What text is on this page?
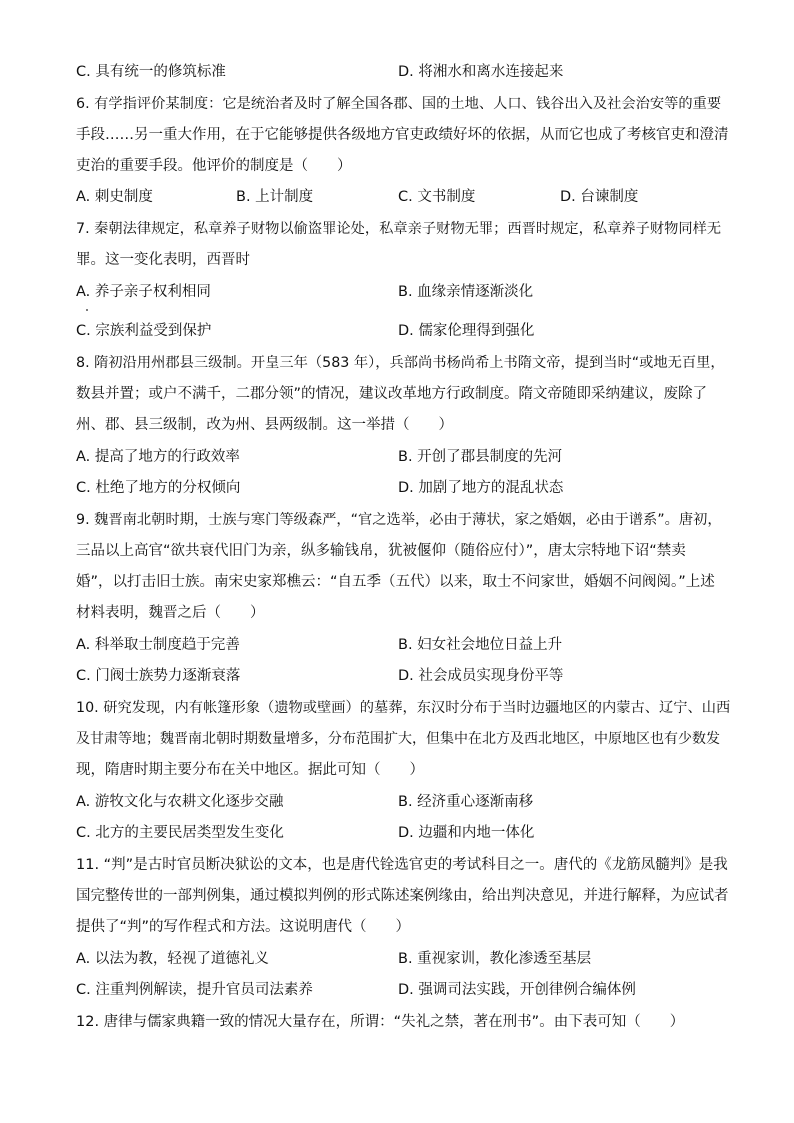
C. 具有统一的修筑标准	D. 将湘水和离水连接起来
6. 有学指评价某制度：它是统治者及时了解全国各郡、国的土地、人口、钱谷出入及社会治安等的重要
手段……另一重大作用，在于它能够提供各级地方官吏政绩好坏的依据，从而它也成了考核官吏和澄清
吏治的重要手段。他评价的制度是（　　）
A. 刺史制度	B. 上计制度	C. 文书制度	D. 台谏制度
7. 秦朝法律规定，私章养子财物以偷盗罪论处，私章亲子财物无罪；西晋时规定，私章养子财物同样无
罪。这一变化表明，西晋时
A. 养子亲子权利相同	B. 血缘亲情逐渐淡化
C. 宗族利益受到保护	D. 儒家伦理得到强化
8. 隋初沿用州郡县三级制。开皇三年（583 年），兵部尚书杨尚希上书隋文帝，提到当时“或地无百里，
数县并置；或户不满千，二郡分领”的情况，建议改革地方行政制度。隋文帝随即采纳建议，废除了
州、郡、县三级制，改为州、县两级制。这一举措（　　）
A. 提高了地方的行政效率	B. 开创了郡县制度的先河
C. 杜绝了地方的分权倾向	D. 加剧了地方的混乱状态
9. 魏晋南北朝时期，士族与寒门等级森严，“官之选举，必由于薄状，家之婚姻，必由于谱系”。唐初，
三品以上高官“欲共衰代旧门为亲，纵多输钱帛，犹被偃仰（随俗应付）”，唐太宗特地下诏“禁卖
婚”，以打击旧士族。南宋史家郑樵云：“自五季（五代）以来，取士不问家世，婚姻不问阀阅。”上述
材料表明，魏晋之后（　　）
A. 科举取士制度趋于完善	B. 妇女社会地位日益上升
C. 门阀士族势力逐渐衰落	D. 社会成员实现身份平等
10. 研究发现，内有帐篷形象（遗物或壁画）的墓葬，东汉时分布于当时边疆地区的内蒙古、辽宁、山西
及甘肃等地；魏晋南北朝时期数量增多，分布范围扩大，但集中在北方及西北地区，中原地区也有少数发
现，隋唐时期主要分布在关中地区。据此可知（　　）
A. 游牧文化与农耕文化逐步交融	B. 经济重心逐渐南移
C. 北方的主要民居类型发生变化	D. 边疆和内地一体化
11. “判”是古时官员断决狱讼的文本，也是唐代铨选官吏的考试科目之一。唐代的《龙筋凤髓判》是我
国完整传世的一部判例集，通过模拟判例的形式陈述案例缘由，给出判决意见，并进行解释，为应试者
提供了“判”的写作程式和方法。这说明唐代（　　）
A. 以法为教，轻视了道德礼义	B. 重视家训，教化渗透至基层
C. 注重判例解读，提升官员司法素养	D. 强调司法实践，开创律例合编体例
12. 唐律与儒家典籍一致的情况大量存在，所谓：“失礼之禁，著在刑书”。由下表可知（　　）
